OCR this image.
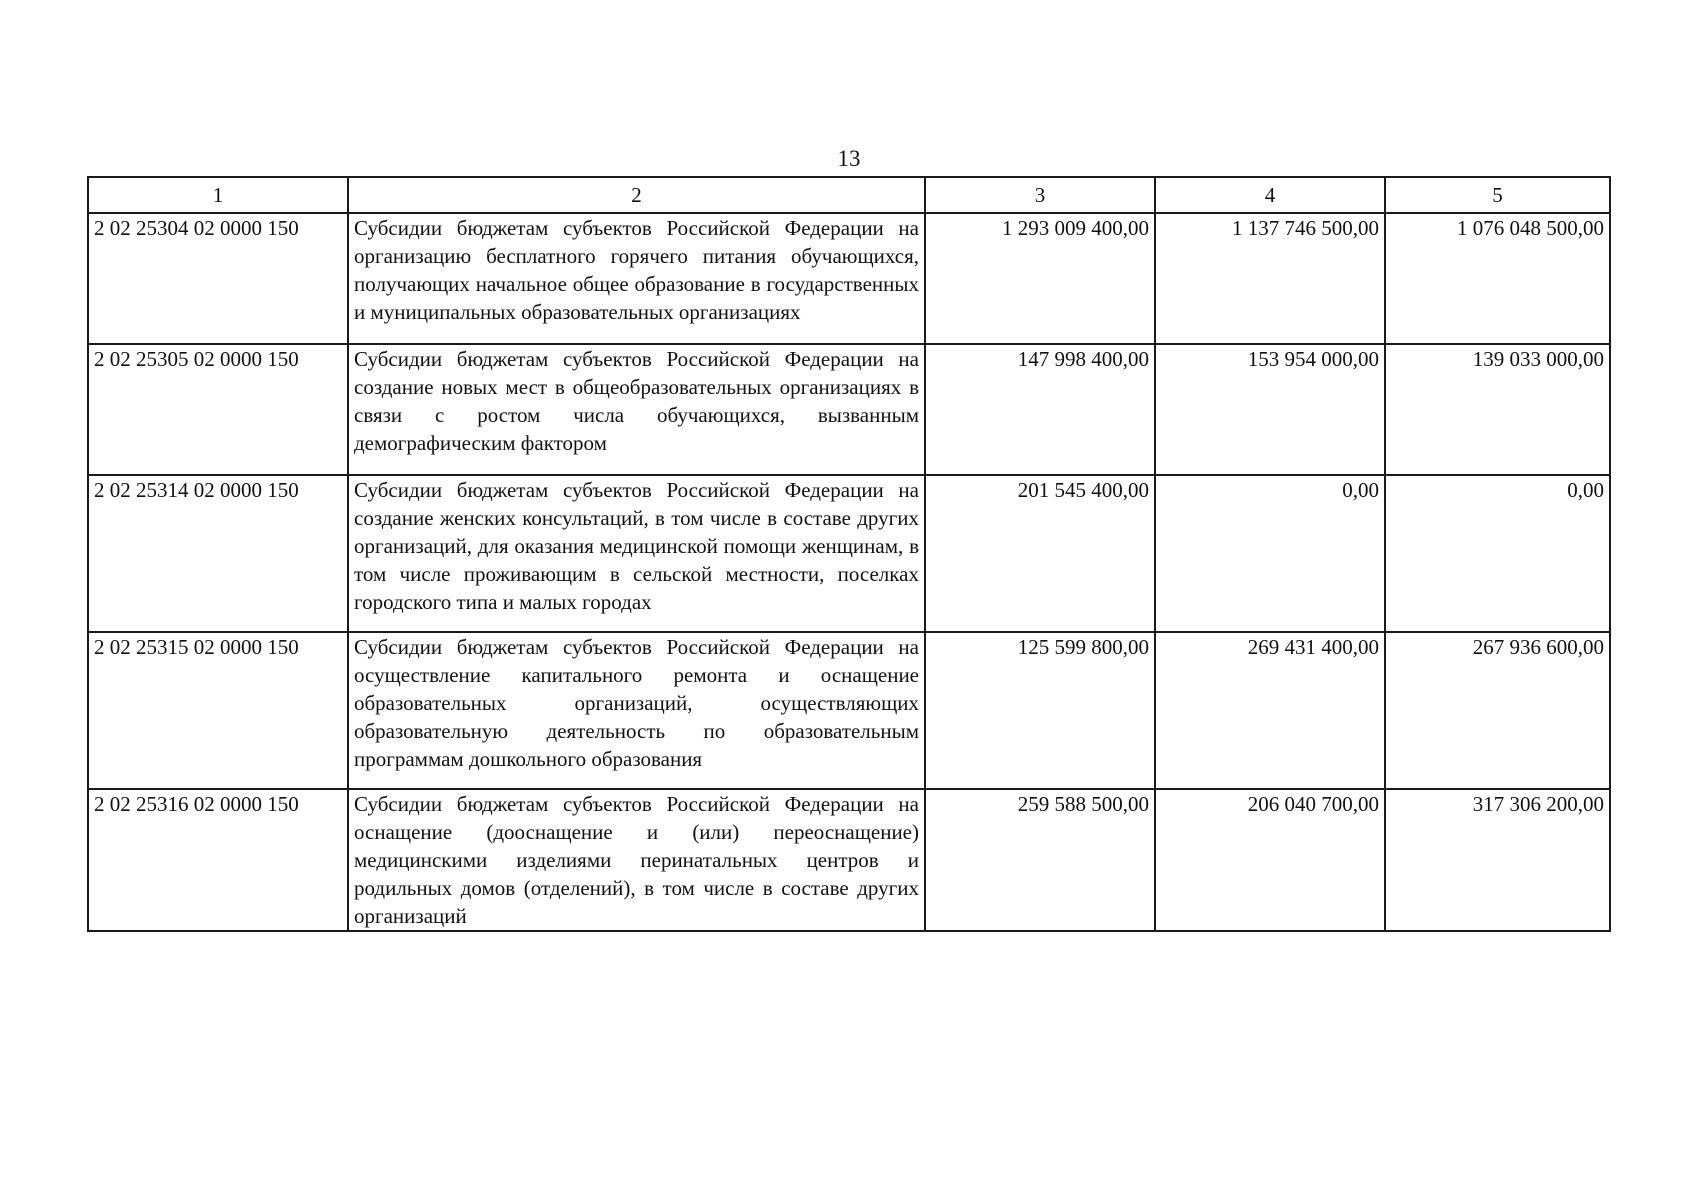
13
1	2	3	4	5
2 02 25304 02 0000 150	Субсидии бюджетам субъектов Российской Федерации на организацию бесплатного горячего питания обучающихся, получающих начальное общее образование в государственных и муниципальных образовательных организациях	1 293 009 400,00	1 137 746 500,00	1 076 048 500,00
2 02 25305 02 0000 150	Субсидии бюджетам субъектов Российской Федерации на создание новых мест в общеобразовательных организациях в связи с ростом числа обучающихся, вызванным демографическим фактором	147 998 400,00	153 954 000,00	139 033 000,00
2 02 25314 02 0000 150	Субсидии бюджетам субъектов Российской Федерации на создание женских консультаций, в том числе в составе других организаций, для оказания медицинской помощи женщинам, в том числе проживающим в сельской местности, поселках городского типа и малых городах	201 545 400,00	0,00	0,00
2 02 25315 02 0000 150	Субсидии бюджетам субъектов Российской Федерации на осуществление капитального ремонта и оснащение образовательных организаций, осуществляющих образовательную деятельность по образовательным программам дошкольного образования	125 599 800,00	269 431 400,00	267 936 600,00
2 02 25316 02 0000 150	Субсидии бюджетам субъектов Российской Федерации на оснащение (дооснащение и (или) переоснащение) медицинскими изделиями перинатальных центров и родильных домов (отделений), в том числе в составе других организаций	259 588 500,00	206 040 700,00	317 306 200,00
